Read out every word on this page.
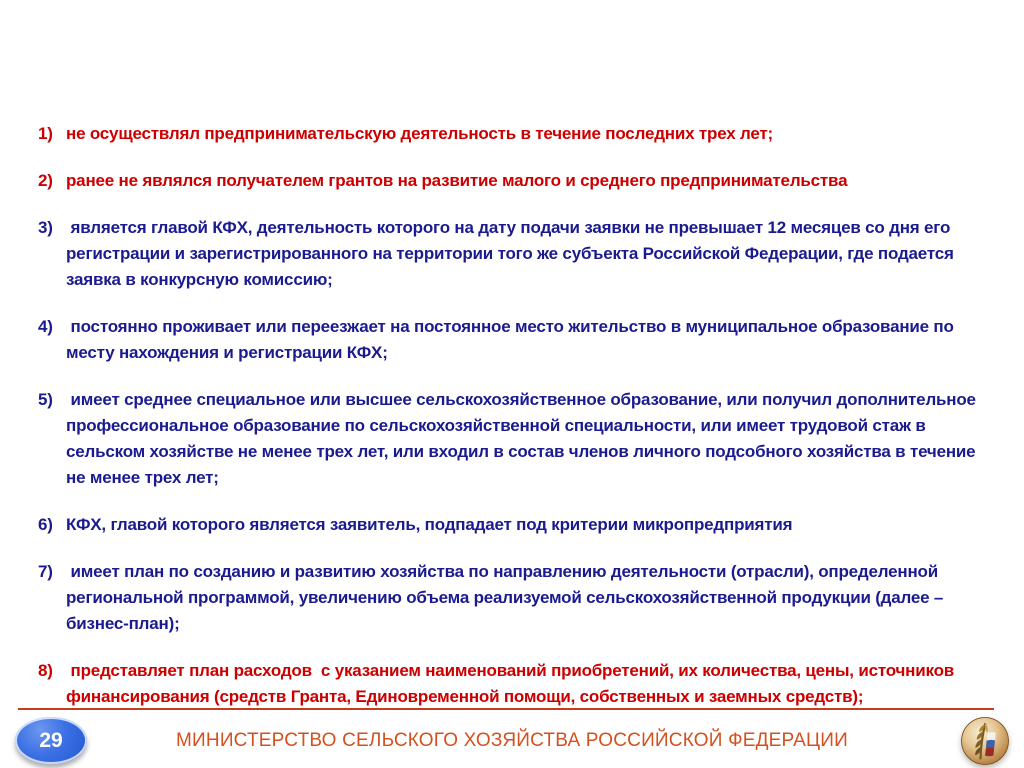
1) не осуществлял предпринимательскую деятельность в течение последних трех лет;
2) ранее не являлся получателем грантов на развитие малого и среднего предпринимательства
3) является главой КФХ, деятельность которого на дату подачи заявки не превышает 12 месяцев со дня его регистрации и зарегистрированного на территории того же субъекта Российской Федерации, где подается заявка в конкурсную комиссию;
4) постоянно проживает или переезжает на постоянное место жительство в муниципальное образование по месту нахождения и регистрации КФХ;
5) имеет среднее специальное или высшее сельскохозяйственное образование, или получил дополнительное профессиональное образование по сельскохозяйственной специальности, или имеет трудовой стаж в сельском хозяйстве не менее трех лет, или входил в состав членов личного подсобного хозяйства в течение не менее трех лет;
6) КФХ, главой которого является заявитель, подпадает под критерии микропредприятия
7) имеет план по созданию и развитию хозяйства по направлению деятельности (отрасли), определенной региональной программой, увеличению объема реализуемой сельскохозяйственной продукции (далее – бизнес-план);
8) представляет план расходов  с указанием наименований приобретений, их количества, цены, источников финансирования (средств Гранта, Единовременной помощи, собственных и заемных средств);
29	МИНИСТЕРСТВО СЕЛЬСКОГО ХОЗЯЙСТВА РОССИЙСКОЙ ФЕДЕРАЦИИ
